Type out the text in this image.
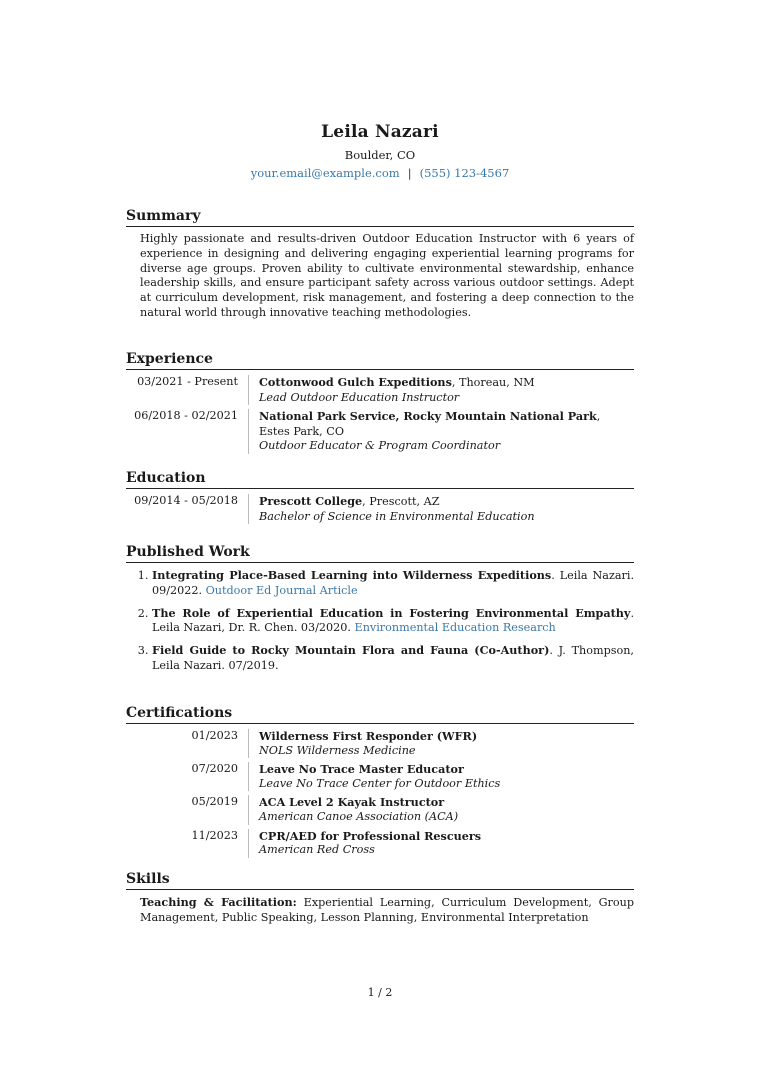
Leila Nazari
Boulder, CO
your.email@example.com | (555) 123-4567
Summary
Highly passionate and results-driven Outdoor Education Instructor with 6 years of experience in designing and delivering engaging experiential learning programs for diverse age groups. Proven ability to cultivate environmental stewardship, enhance leadership skills, and ensure participant safety across various outdoor settings. Adept at curriculum development, risk management, and fostering a deep connection to the natural world through innovative teaching methodologies.
Experience
03/2021 - Present	Cottonwood Gulch Expeditions, Thoreau, NM
Lead Outdoor Education Instructor
06/2018 - 02/2021	National Park Service, Rocky Mountain National Park, Estes Park, CO
Outdoor Educator & Program Coordinator
Education
09/2014 - 05/2018	Prescott College, Prescott, AZ
Bachelor of Science in Environmental Education
Published Work
1. Integrating Place-Based Learning into Wilderness Expeditions. Leila Nazari. 09/2022. Outdoor Ed Journal Article
2. The Role of Experiential Education in Fostering Environmental Empathy. Leila Nazari, Dr. R. Chen. 03/2020. Environmental Education Research
3. Field Guide to Rocky Mountain Flora and Fauna (Co-Author). J. Thompson, Leila Nazari. 07/2019.
Certifications
01/2023	Wilderness First Responder (WFR)
NOLS Wilderness Medicine
07/2020	Leave No Trace Master Educator
Leave No Trace Center for Outdoor Ethics
05/2019	ACA Level 2 Kayak Instructor
American Canoe Association (ACA)
11/2023	CPR/AED for Professional Rescuers
American Red Cross
Skills
Teaching & Facilitation: Experiential Learning, Curriculum Development, Group Management, Public Speaking, Lesson Planning, Environmental Interpretation
1 / 2
